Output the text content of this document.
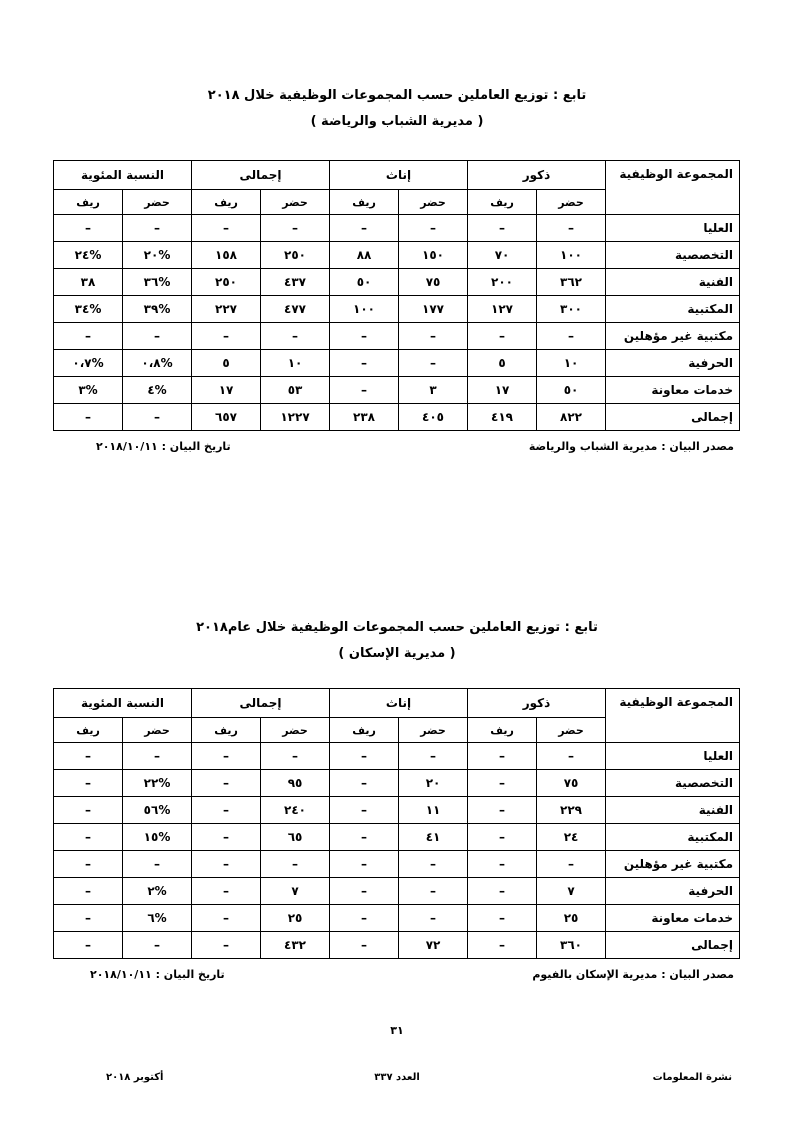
تابع : توزيع العاملين حسب المجموعات الوظيفية خلال ٢٠١٨
( مديرية الشباب والرياضة )
المجموعة الوظيفية	ذكور		إناث		إجمالى		النسبة المئوية	
	حضر	ريف	حضر	ريف	حضر	ريف	حضر	ريف
العليا	–	–	–	–	–	–	–	–
التخصصية	١٠٠	٧٠	١٥٠	٨٨	٢٥٠	١٥٨	%٢٠	%٢٤
الفنية	٣٦٢	٢٠٠	٧٥	٥٠	٤٣٧	٢٥٠	%٣٦	٣٨
المكتبية	٣٠٠	١٢٧	١٧٧	١٠٠	٤٧٧	٢٢٧	%٣٩	%٣٤
مكتبية غير مؤهلين	–	–	–	–	–	–	–	–
الحرفية	١٠	٥	–	–	١٠	٥	%٠،٨	%٠،٧
خدمات معاونة	٥٠	١٧	٣	–	٥٣	١٧	%٤	%٣
إجمالى	٨٢٢	٤١٩	٤٠٥	٢٣٨	١٢٢٧	٦٥٧	–	–
مصدر البيان : مديرية الشباب والرياضة
تاريخ البيان : ٢٠١٨/١٠/١١
تابع : توزيع العاملين حسب المجموعات الوظيفية خلال عام٢٠١٨
( مديرية الإسكان )
المجموعة الوظيفية	ذكور		إناث		إجمالى		النسبة المئوية	
	حضر	ريف	حضر	ريف	حضر	ريف	حضر	ريف
العليا	–	–	–	–	–	–	–	–
التخصصية	٧٥	–	٢٠	–	٩٥	–	%٢٢	–
الفنية	٢٢٩	–	١١	–	٢٤٠	–	%٥٦	–
المكتبية	٢٤	–	٤١	–	٦٥	–	%١٥	–
مكتبية غير مؤهلين	–	–	–	–	–	–	–	–
الحرفية	٧	–	–	–	٧	–	%٢	–
خدمات معاونة	٢٥	–	–	–	٢٥	–	%٦	–
إجمالى	٣٦٠	–	٧٢	–	٤٣٢	–	–	–
مصدر البيان : مديرية الإسكان بالفيوم
تاريخ البيان : ٢٠١٨/١٠/١١
٣١
نشرة المعلومات
العدد ٣٣٧
أكتوبر ٢٠١٨
